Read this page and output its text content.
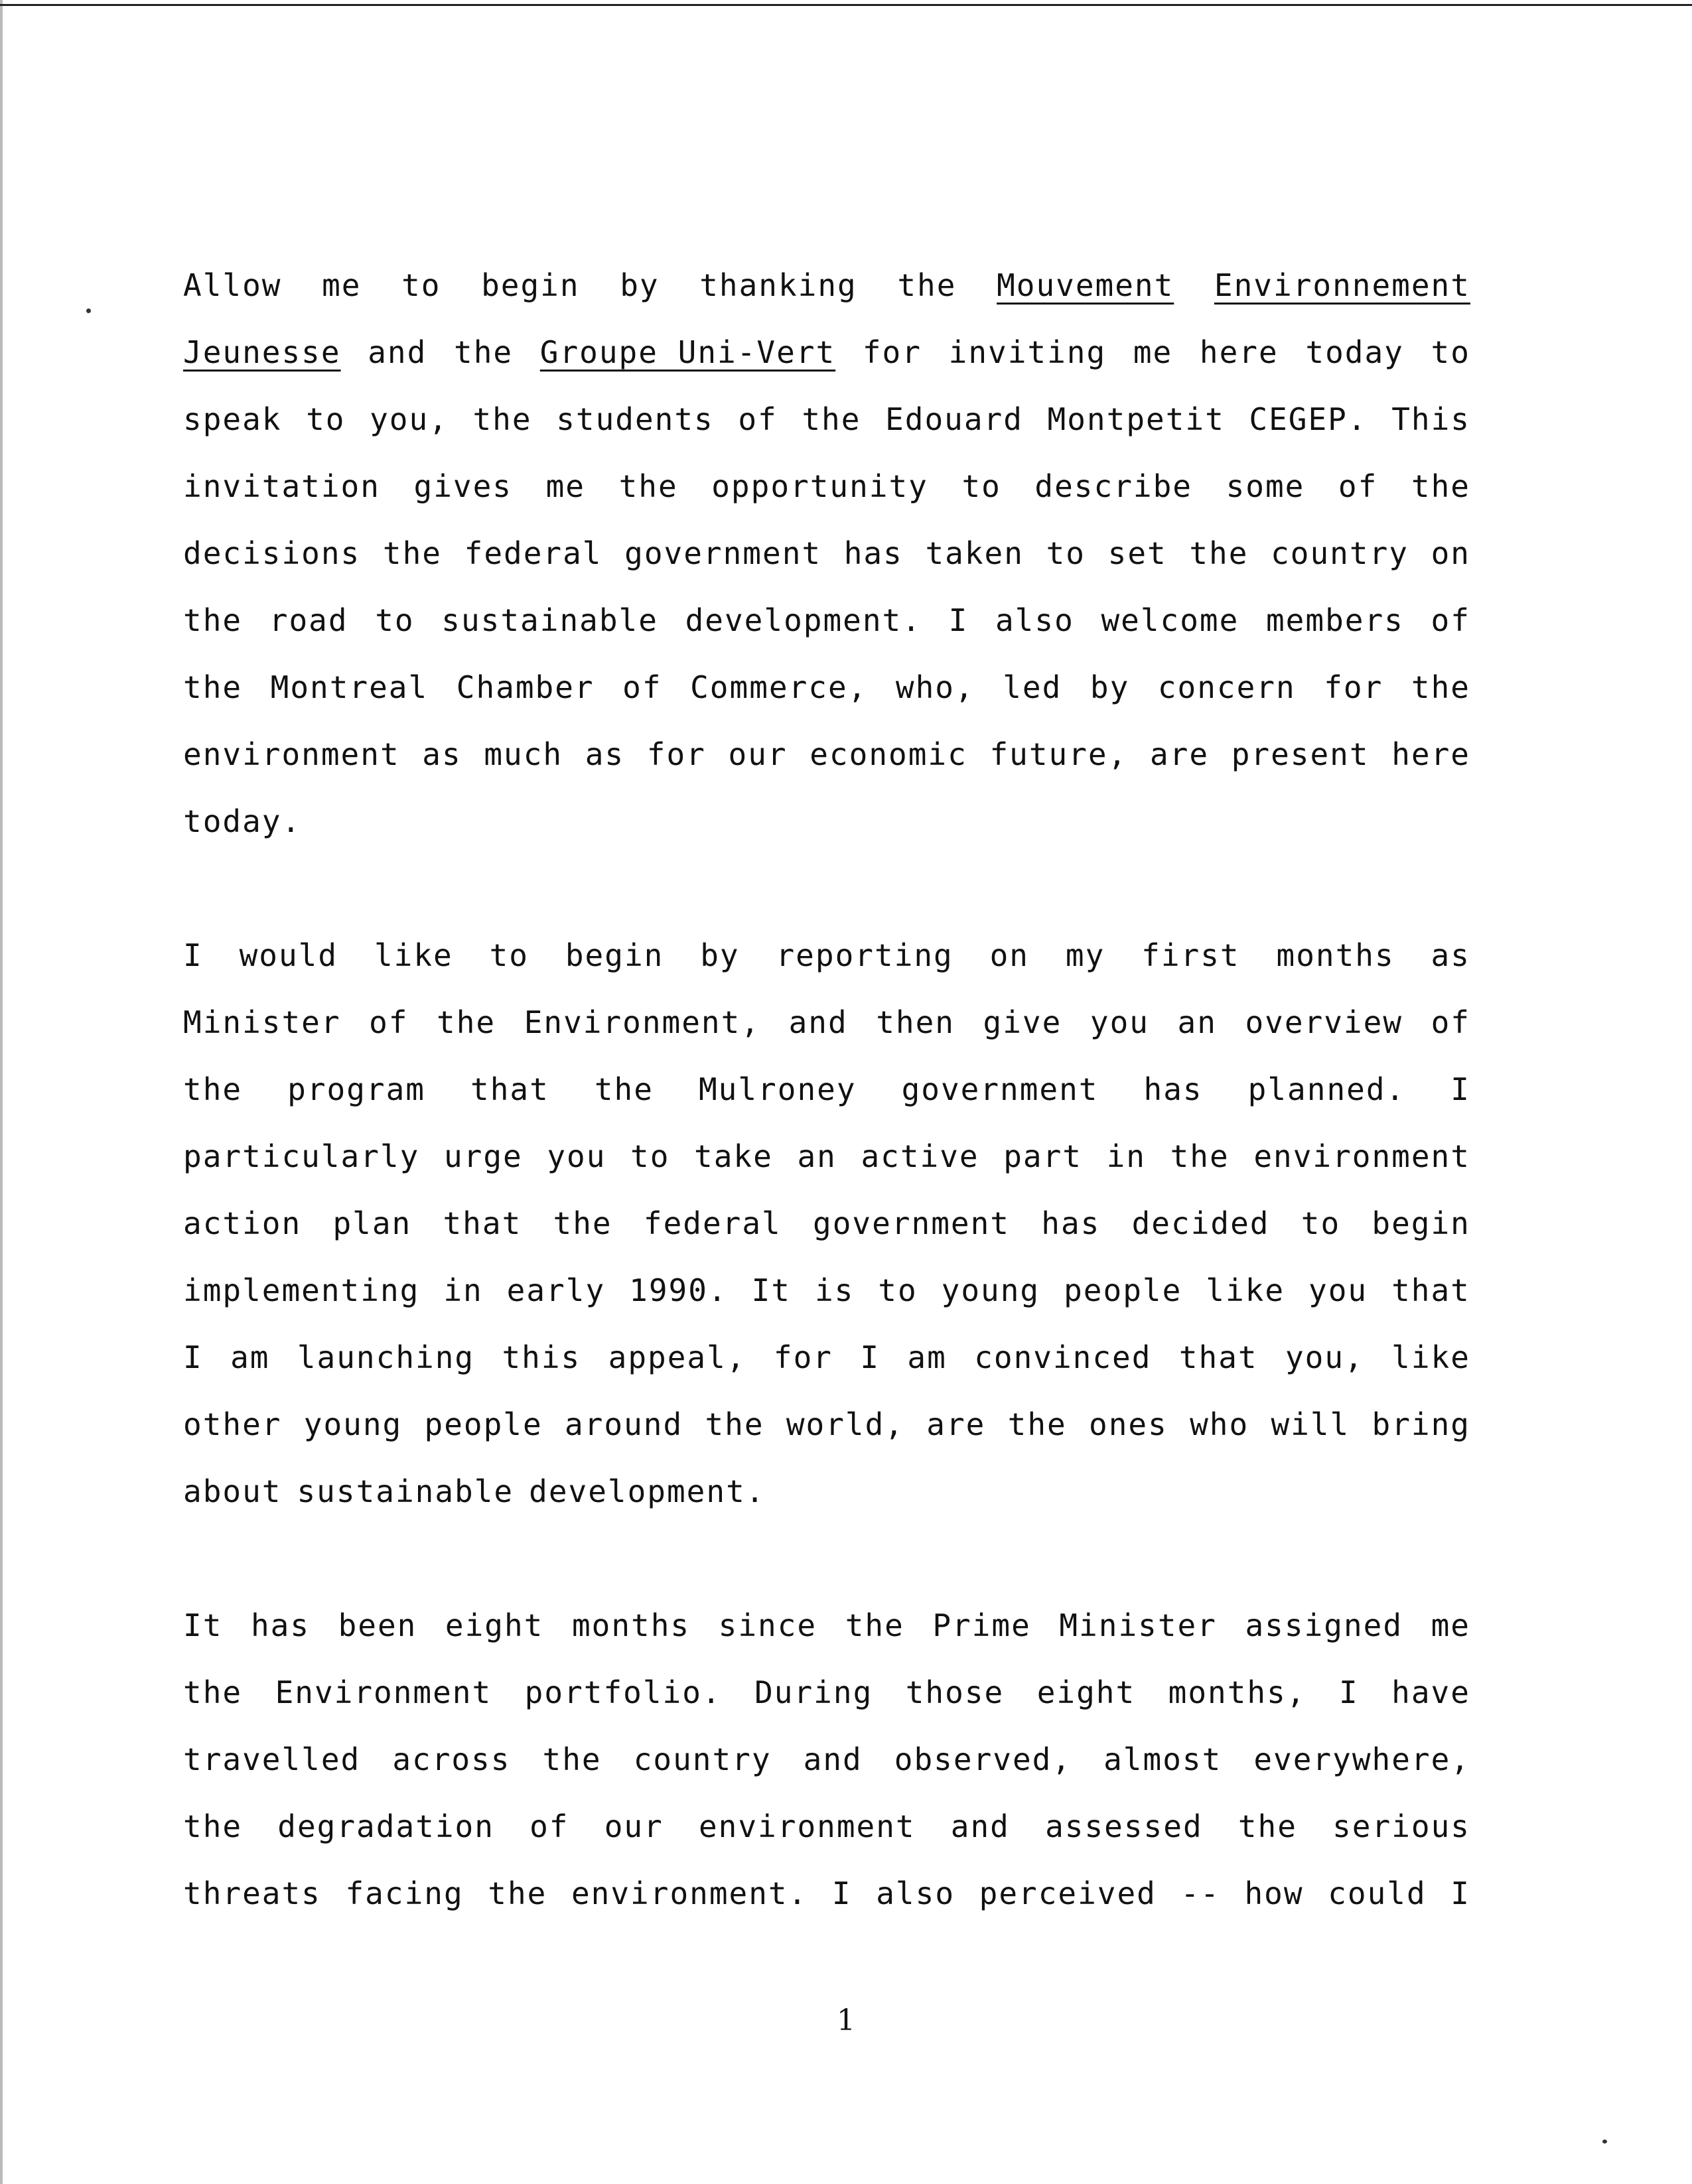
Allow me to begin by thanking the Mouvement Environnement
Jeunesse and the Groupe Uni-Vert for inviting me here today to
speak to you, the students of the Edouard Montpetit CEGEP. This
invitation gives me the opportunity to describe some of the
decisions the federal government has taken to set the country on
the road to sustainable development. I also welcome members of
the Montreal Chamber of Commerce, who, led by concern for the
environment as much as for our economic future, are present here
today.
I would like to begin by reporting on my first months as
Minister of the Environment, and then give you an overview of
the program that the Mulroney government has planned. I
particularly urge you to take an active part in the environment
action plan that the federal government has decided to begin
implementing in early 1990. It is to young people like you that
I am launching this appeal, for I am convinced that you, like
other young people around the world, are the ones who will bring
about sustainable development.
It has been eight months since the Prime Minister assigned me
the Environment portfolio. During those eight months, I have
travelled across the country and observed, almost everywhere,
the degradation of our environment and assessed the serious
threats facing the environment. I also perceived -- how could I
1
